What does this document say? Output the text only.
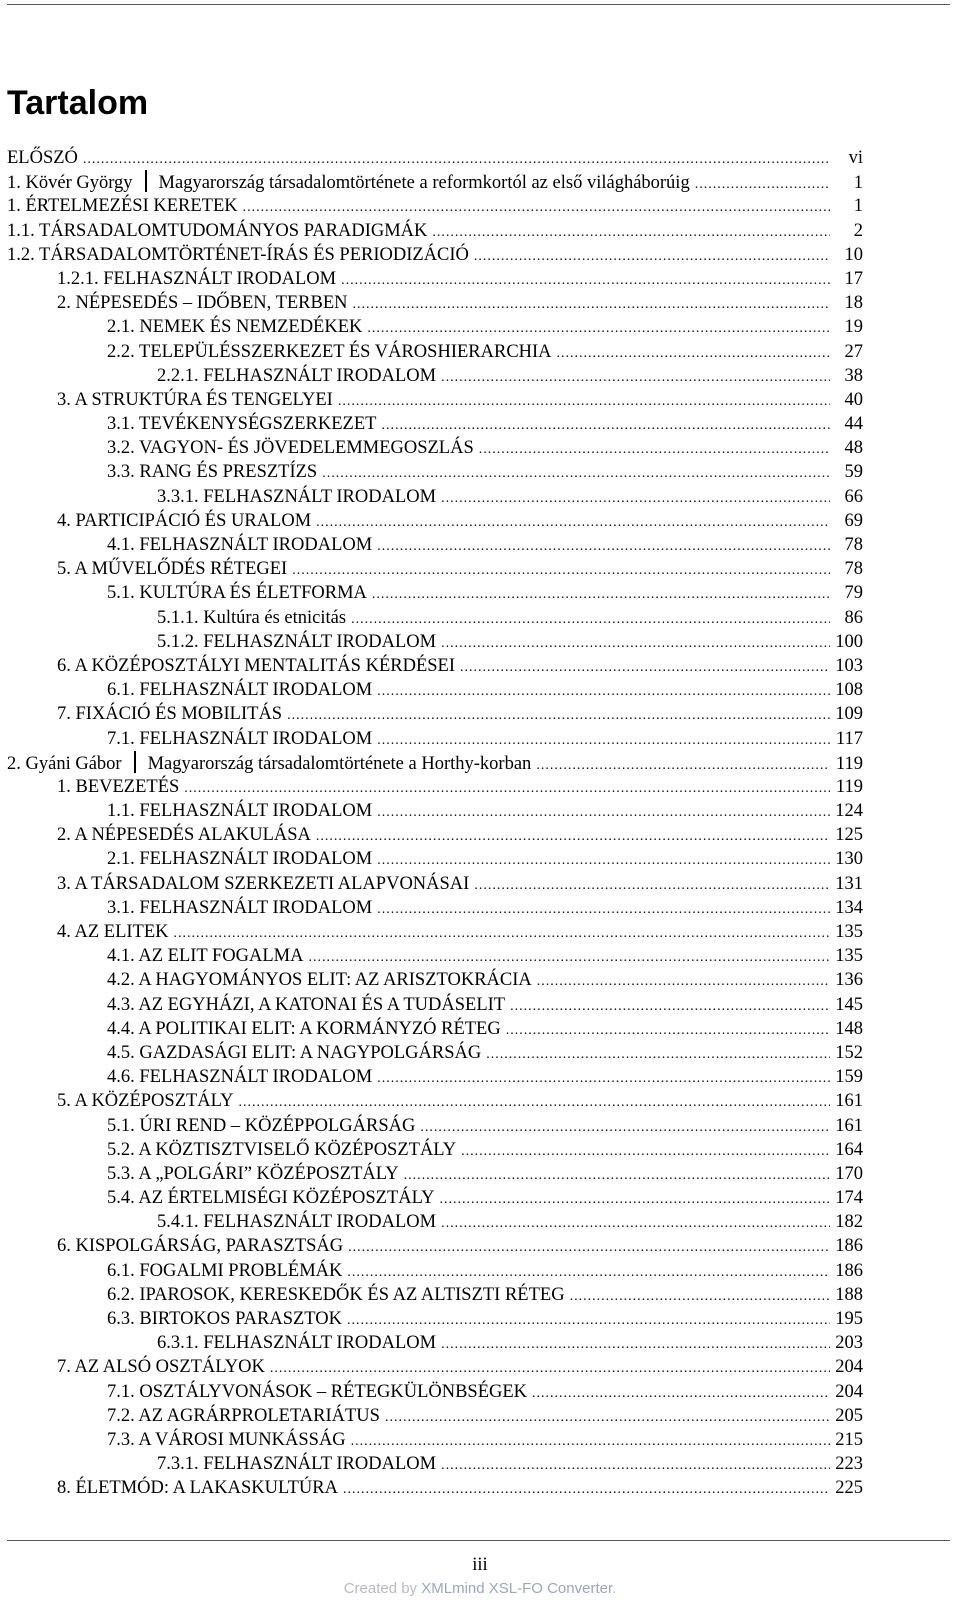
Tartalom
ELŐSZÓ .....	vi
1. Kövér György Magyarország társadalomtörténete a reformkortól az első világháborúig .....	1
1. ÉRTELMEZÉSI KERETEK .....	1
1.1. TÁRSADALOMTUDOMÁNYOS PARADIGMÁK .....	2
1.2. TÁRSADALOMTÖRTÉNET-ÍRÁS ÉS PERIODIZÁCIÓ .....	10
1.2.1. FELHASZNÁLT IRODALOM .....	17
2. NÉPESEDÉS – IDŐBEN, TERBEN .....	18
2.1. NEMEK ÉS NEMZEDÉKEK .....	19
2.2. TELEPÜLÉSSZERKEZET ÉS VÁROSHIERARCHIA .....	27
2.2.1. FELHASZNÁLT IRODALOM .....	38
3. A STRUKTÚRA ÉS TENGELYEI .....	40
3.1. TEVÉKENYSÉGSZERKEZET .....	44
3.2. VAGYON- ÉS JÖVEDELEMMEGOSZLÁS .....	48
3.3. RANG ÉS PRESZTÍZS .....	59
3.3.1. FELHASZNÁLT IRODALOM .....	66
4. PARTICIPÁCIÓ ÉS URALOM .....	69
4.1. FELHASZNÁLT IRODALOM .....	78
5. A MŰVELŐDÉS RÉTEGEI .....	78
5.1. KULTÚRA ÉS ÉLETFORMA .....	79
5.1.1. Kultúra és etnicitás .....	86
5.1.2. FELHASZNÁLT IRODALOM .....	100
6. A KÖZÉPOSZTÁLYI MENTALITÁS KÉRDÉSEI .....	103
6.1. FELHASZNÁLT IRODALOM .....	108
7. FIXÁCIÓ ÉS MOBILITÁS .....	109
7.1. FELHASZNÁLT IRODALOM .....	117
2. Gyáni Gábor Magyarország társadalomtörténete a Horthy-korban .....	119
1. BEVEZETÉS .....	119
1.1. FELHASZNÁLT IRODALOM .....	124
2. A NÉPESEDÉS ALAKULÁSA .....	125
2.1. FELHASZNÁLT IRODALOM .....	130
3. A TÁRSADALOM SZERKEZETI ALAPVONÁSAI .....	131
3.1. FELHASZNÁLT IRODALOM .....	134
4. AZ ELITEK .....	135
4.1. AZ ELIT FOGALMA .....	135
4.2. A HAGYOMÁNYOS ELIT: AZ ARISZTOKRÁCIA .....	136
4.3. AZ EGYHÁZI, A KATONAI ÉS A TUDÁSELIT .....	145
4.4. A POLITIKAI ELIT: A KORMÁNYZÓ RÉTEG .....	148
4.5. GAZDASÁGI ELIT: A NAGYPOLGÁRSÁG .....	152
4.6. FELHASZNÁLT IRODALOM .....	159
5. A KÖZÉPOSZTÁLY .....	161
5.1. ÚRI REND – KÖZÉPPOLGÁRSÁG .....	161
5.2. A KÖZTISZTVISELŐ KÖZÉPOSZTÁLY .....	164
5.3. A „POLGÁRI” KÖZÉPOSZTÁLY .....	170
5.4. AZ ÉRTELMISÉGI KÖZÉPOSZTÁLY .....	174
5.4.1. FELHASZNÁLT IRODALOM .....	182
6. KISPOLGÁRSÁG, PARASZTSÁG .....	186
6.1. FOGALMI PROBLÉMÁK .....	186
6.2. IPAROSOK, KERESKEDŐK ÉS AZ ALTISZTI RÉTEG .....	188
6.3. BIRTOKOS PARASZTOK .....	195
6.3.1. FELHASZNÁLT IRODALOM .....	203
7. AZ ALSÓ OSZTÁLYOK .....	204
7.1. OSZTÁLYVONÁSOK – RÉTEGKÜLÖNBSÉGEK .....	204
7.2. AZ AGRÁRPROLETARIÁTUS .....	205
7.3. A VÁROSI MUNKÁSSÁG .....	215
7.3.1. FELHASZNÁLT IRODALOM .....	223
8. ÉLETMÓD: A LAKASKULTÚRA .....	225
iii
Created by XMLmind XSL-FO Converter.
